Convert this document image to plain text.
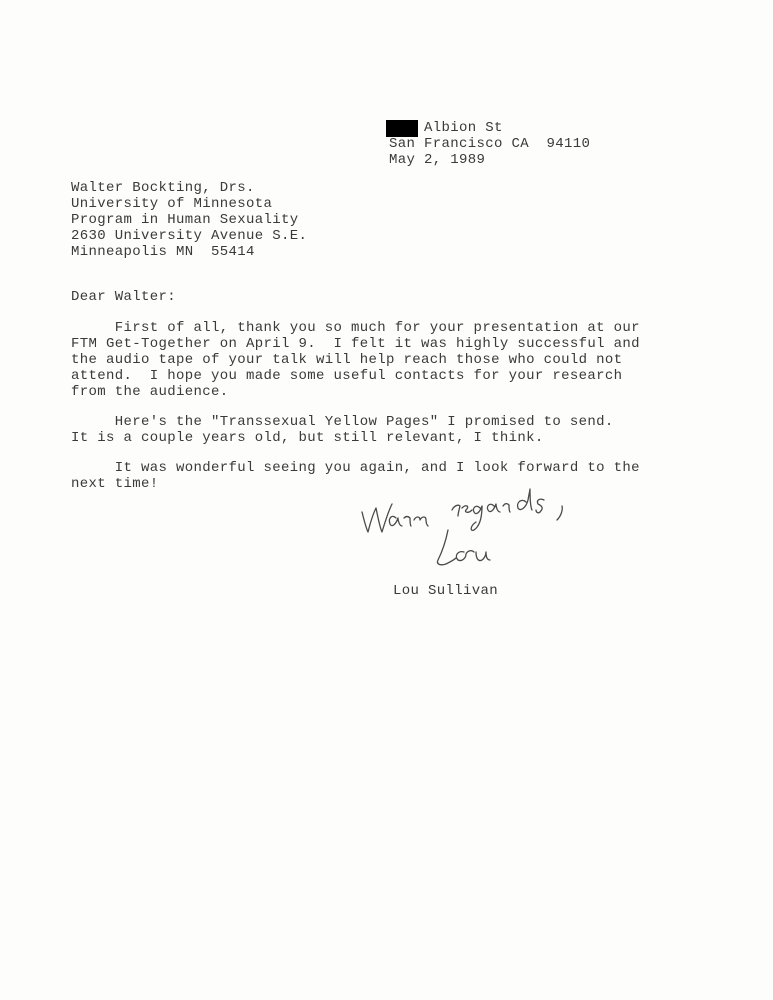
Albion St
San Francisco CA  94110
May 2, 1989
Walter Bockting, Drs.
University of Minnesota
Program in Human Sexuality
2630 University Avenue S.E.
Minneapolis MN  55414
Dear Walter:
First of all, thank you so much for your presentation at our
FTM Get-Together on April 9.  I felt it was highly successful and
the audio tape of your talk will help reach those who could not
attend.  I hope you made some useful contacts for your research
from the audience.
Here's the "Transsexual Yellow Pages" I promised to send.
It is a couple years old, but still relevant, I think.
It was wonderful seeing you again, and I look forward to the
next time!
Lou Sullivan
